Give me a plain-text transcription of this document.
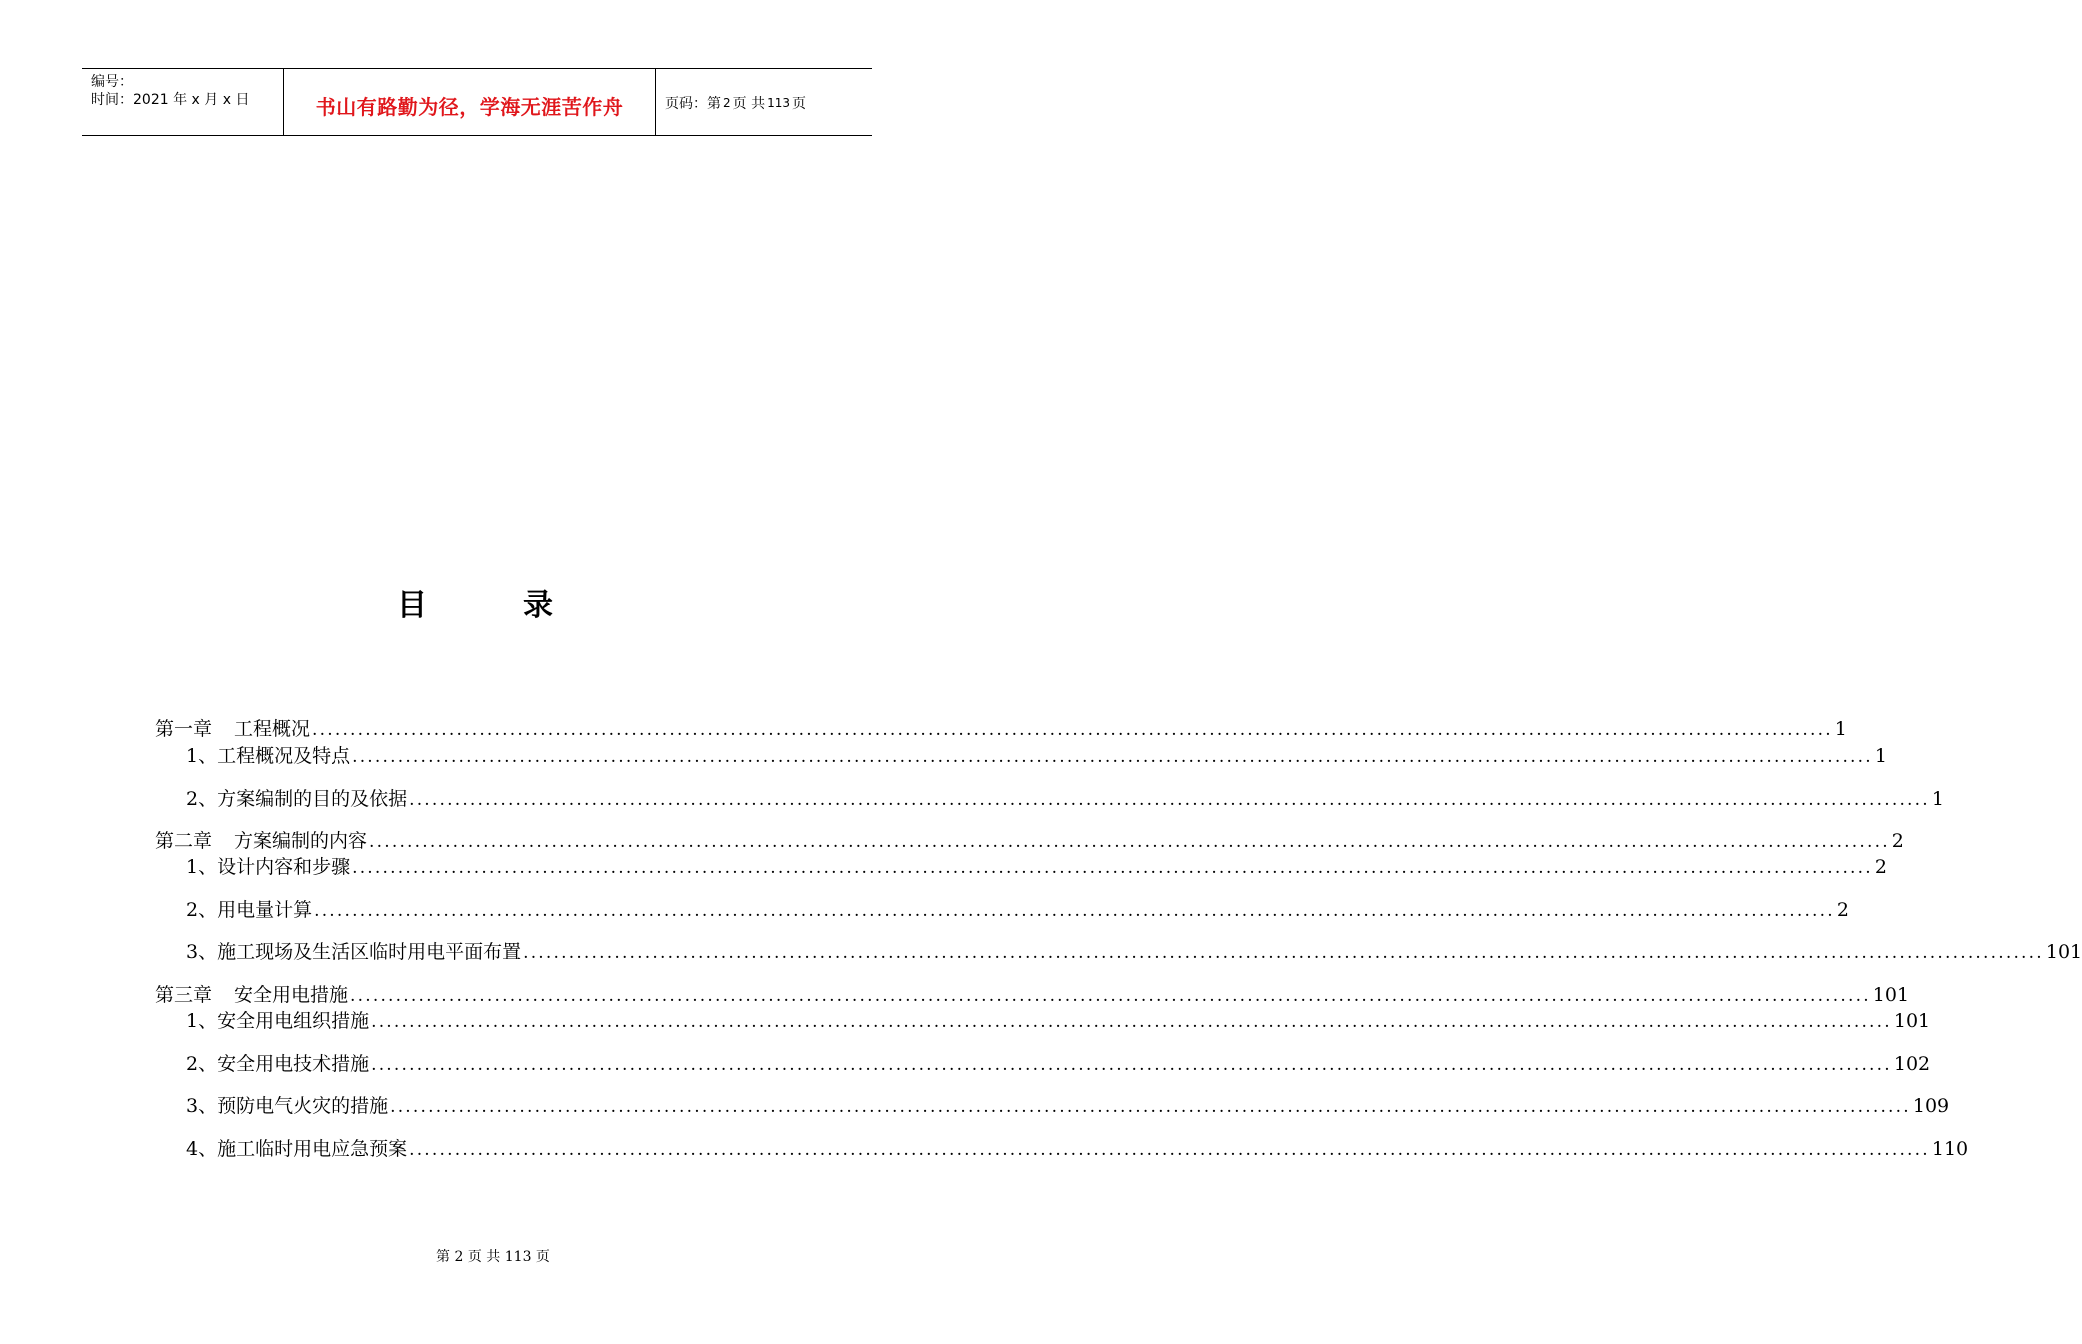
编号：
时间：2021 年 x 月 x 日	书山有路勤为径，学海无涯苦作舟	页码：第 2 页 共 113 页
目	录
第一章 工程概况 ........................................................................................................................................................................................................ 1
1、工程概况及特点 ........................................................................................................................................................................................................ 1
2、方案编制的目的及依据 ........................................................................................................................................................................................................ 1
第二章 方案编制的内容 ........................................................................................................................................................................................................ 2
1、设计内容和步骤 ........................................................................................................................................................................................................ 2
2、用电量计算 ........................................................................................................................................................................................................ 2
3、施工现场及生活区临时用电平面布置 ........................................................................................................................................................................................................ 101
第三章 安全用电措施 ........................................................................................................................................................................................................ 101
1、安全用电组织措施 ........................................................................................................................................................................................................ 101
2、安全用电技术措施 ........................................................................................................................................................................................................ 102
3、预防电气火灾的措施 ........................................................................................................................................................................................................ 109
4、施工临时用电应急预案 ........................................................................................................................................................................................................ 110
第 2 页 共 113 页
